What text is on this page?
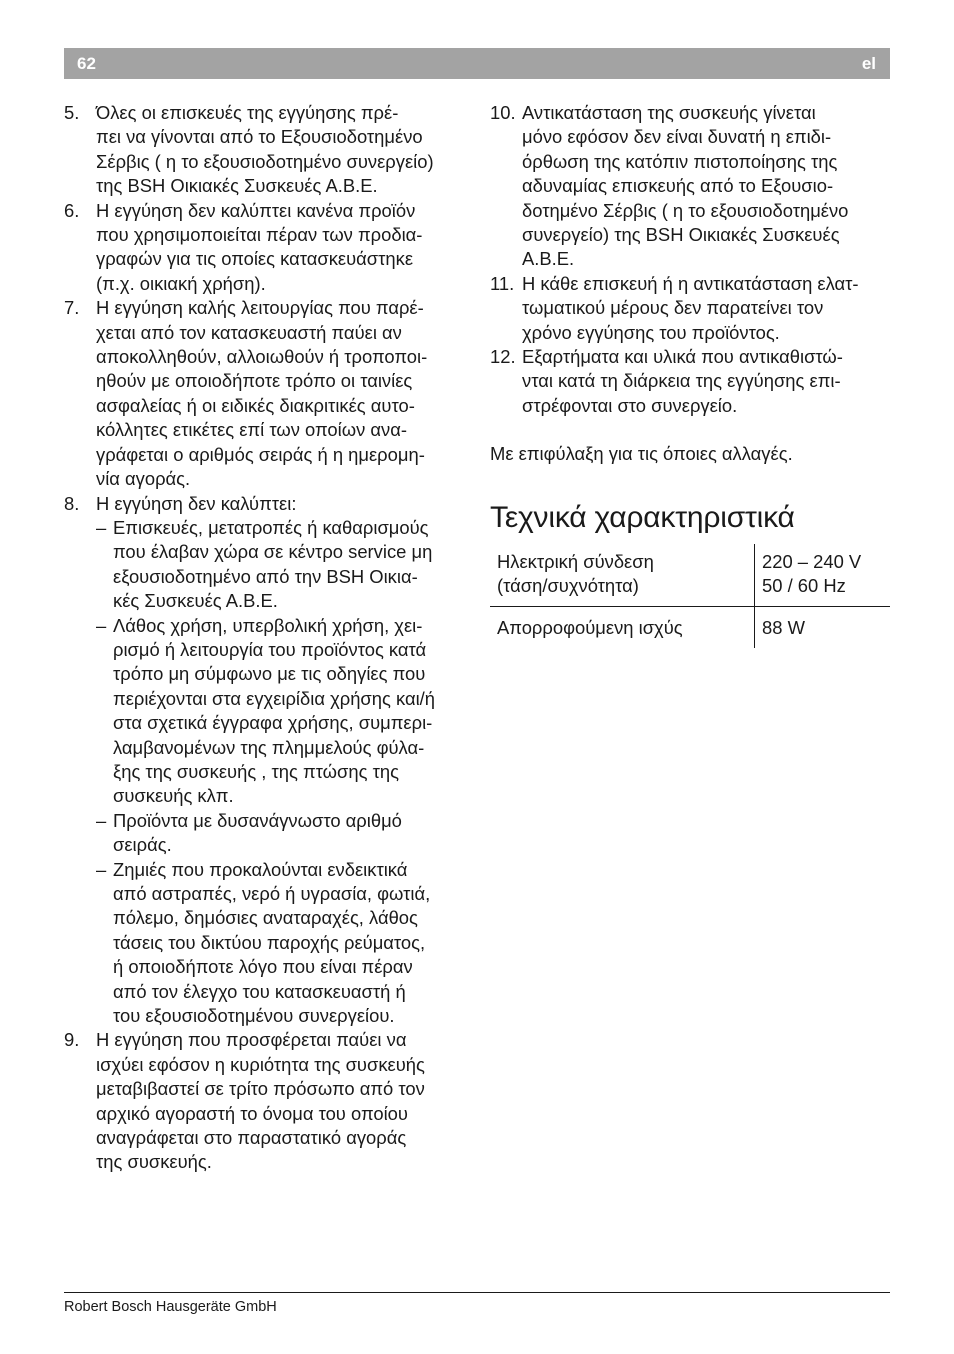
62	el
5. Όλες οι επισκευές της εγγύησης πρέ-
πει να γίνονται από το Εξουσιοδοτημένο
Σέρβις ( η το εξουσιοδοτημένο συνεργείο)
της BSH Οικιακές Συσκευές Α.Β.Ε.
6. Η εγγύηση δεν καλύπτει κανένα προϊόν
που χρησιμοποιείται πέραν των προδια-
γραφών για τις οποίες κατασκευάστηκε
(π.χ. οικιακή χρήση).
7. Η εγγύηση καλής λειτουργίας που παρέ-
χεται από τον κατασκευαστή παύει αν
αποκολληθούν, αλλοιωθούν ή τροποποι-
ηθούν με οποιοδήποτε τρόπο οι ταινίες
ασφαλείας ή οι ειδικές διακριτικές αυτο-
κόλλητες ετικέτες επί των οποίων ανα-
γράφεται ο αριθμός σειράς ή η ημερομη-
νία αγοράς.
8. Η εγγύηση δεν καλύπτει:
– Επισκευές, μετατροπές ή καθαρισμούς
που έλαβαν χώρα σε κέντρο service μη
εξουσιοδοτημένο από την BSH Οικια-
κές Συσκευές Α.Β.Ε.
– Λάθος χρήση, υπερβολική χρήση, χει-
ρισμό ή λειτουργία του προϊόντος κατά
τρόπο μη σύμφωνο με τις οδηγίες που
περιέχονται στα εγχειρίδια χρήσης και/ή
στα σχετικά έγγραφα χρήσης, συμπερι-
λαμβανομένων της πλημμελούς φύλα-
ξης της συσκευής , της πτώσης της
συσκευής κλπ.
– Προϊόντα με δυσανάγνωστο αριθμό
σειράς.
– Ζημιές που προκαλούνται ενδεικτικά
από αστραπές, νερό ή υγρασία, φωτιά,
πόλεμο, δημόσιες αναταραχές, λάθος
τάσεις του δικτύου παροχής ρεύματος,
ή οποιοδήποτε λόγο που είναι πέραν
από τον έλεγχο του κατασκευαστή ή
του εξουσιοδοτημένου συνεργείου.
9. Η εγγύηση που προσφέρεται παύει να
ισχύει εφόσον η κυριότητα της συσκευής
μεταβιβαστεί σε τρίτο πρόσωπο από τον
αρχικό αγοραστή το όνομα του οποίου
αναγράφεται στο παραστατικό αγοράς
της συσκευής.
10. Αντικατάσταση της συσκευής γίνεται
μόνο εφόσον δεν είναι δυνατή η επιδι-
όρθωση της κατόπιν πιστοποίησης της
αδυναμίας επισκευής από το Εξουσιο-
δοτημένο Σέρβις ( η το εξουσιοδοτημένο
συνεργείο) της BSH Οικιακές Συσκευές
Α.Β.Ε.
11. Η κάθε επισκευή ή η αντικατάσταση ελατ-
τωματικού μέρους δεν παρατείνει τον
χρόνο εγγύησης του προϊόντος.
12. Εξαρτήματα και υλικά που αντικαθιστώ-
νται κατά τη διάρκεια της εγγύησης επι-
στρέφονται στο συνεργείο.
Με επιφύλαξη για τις όποιες αλλαγές.
Τεχνικά χαρακτηριστικά
Ηλεκτρική σύνδεση
(τάση/συχνότητα)	220 – 240 V
50 / 60 Hz
Απορροφούμενη ισχύς	88 W
Robert Bosch Hausgeräte GmbH
